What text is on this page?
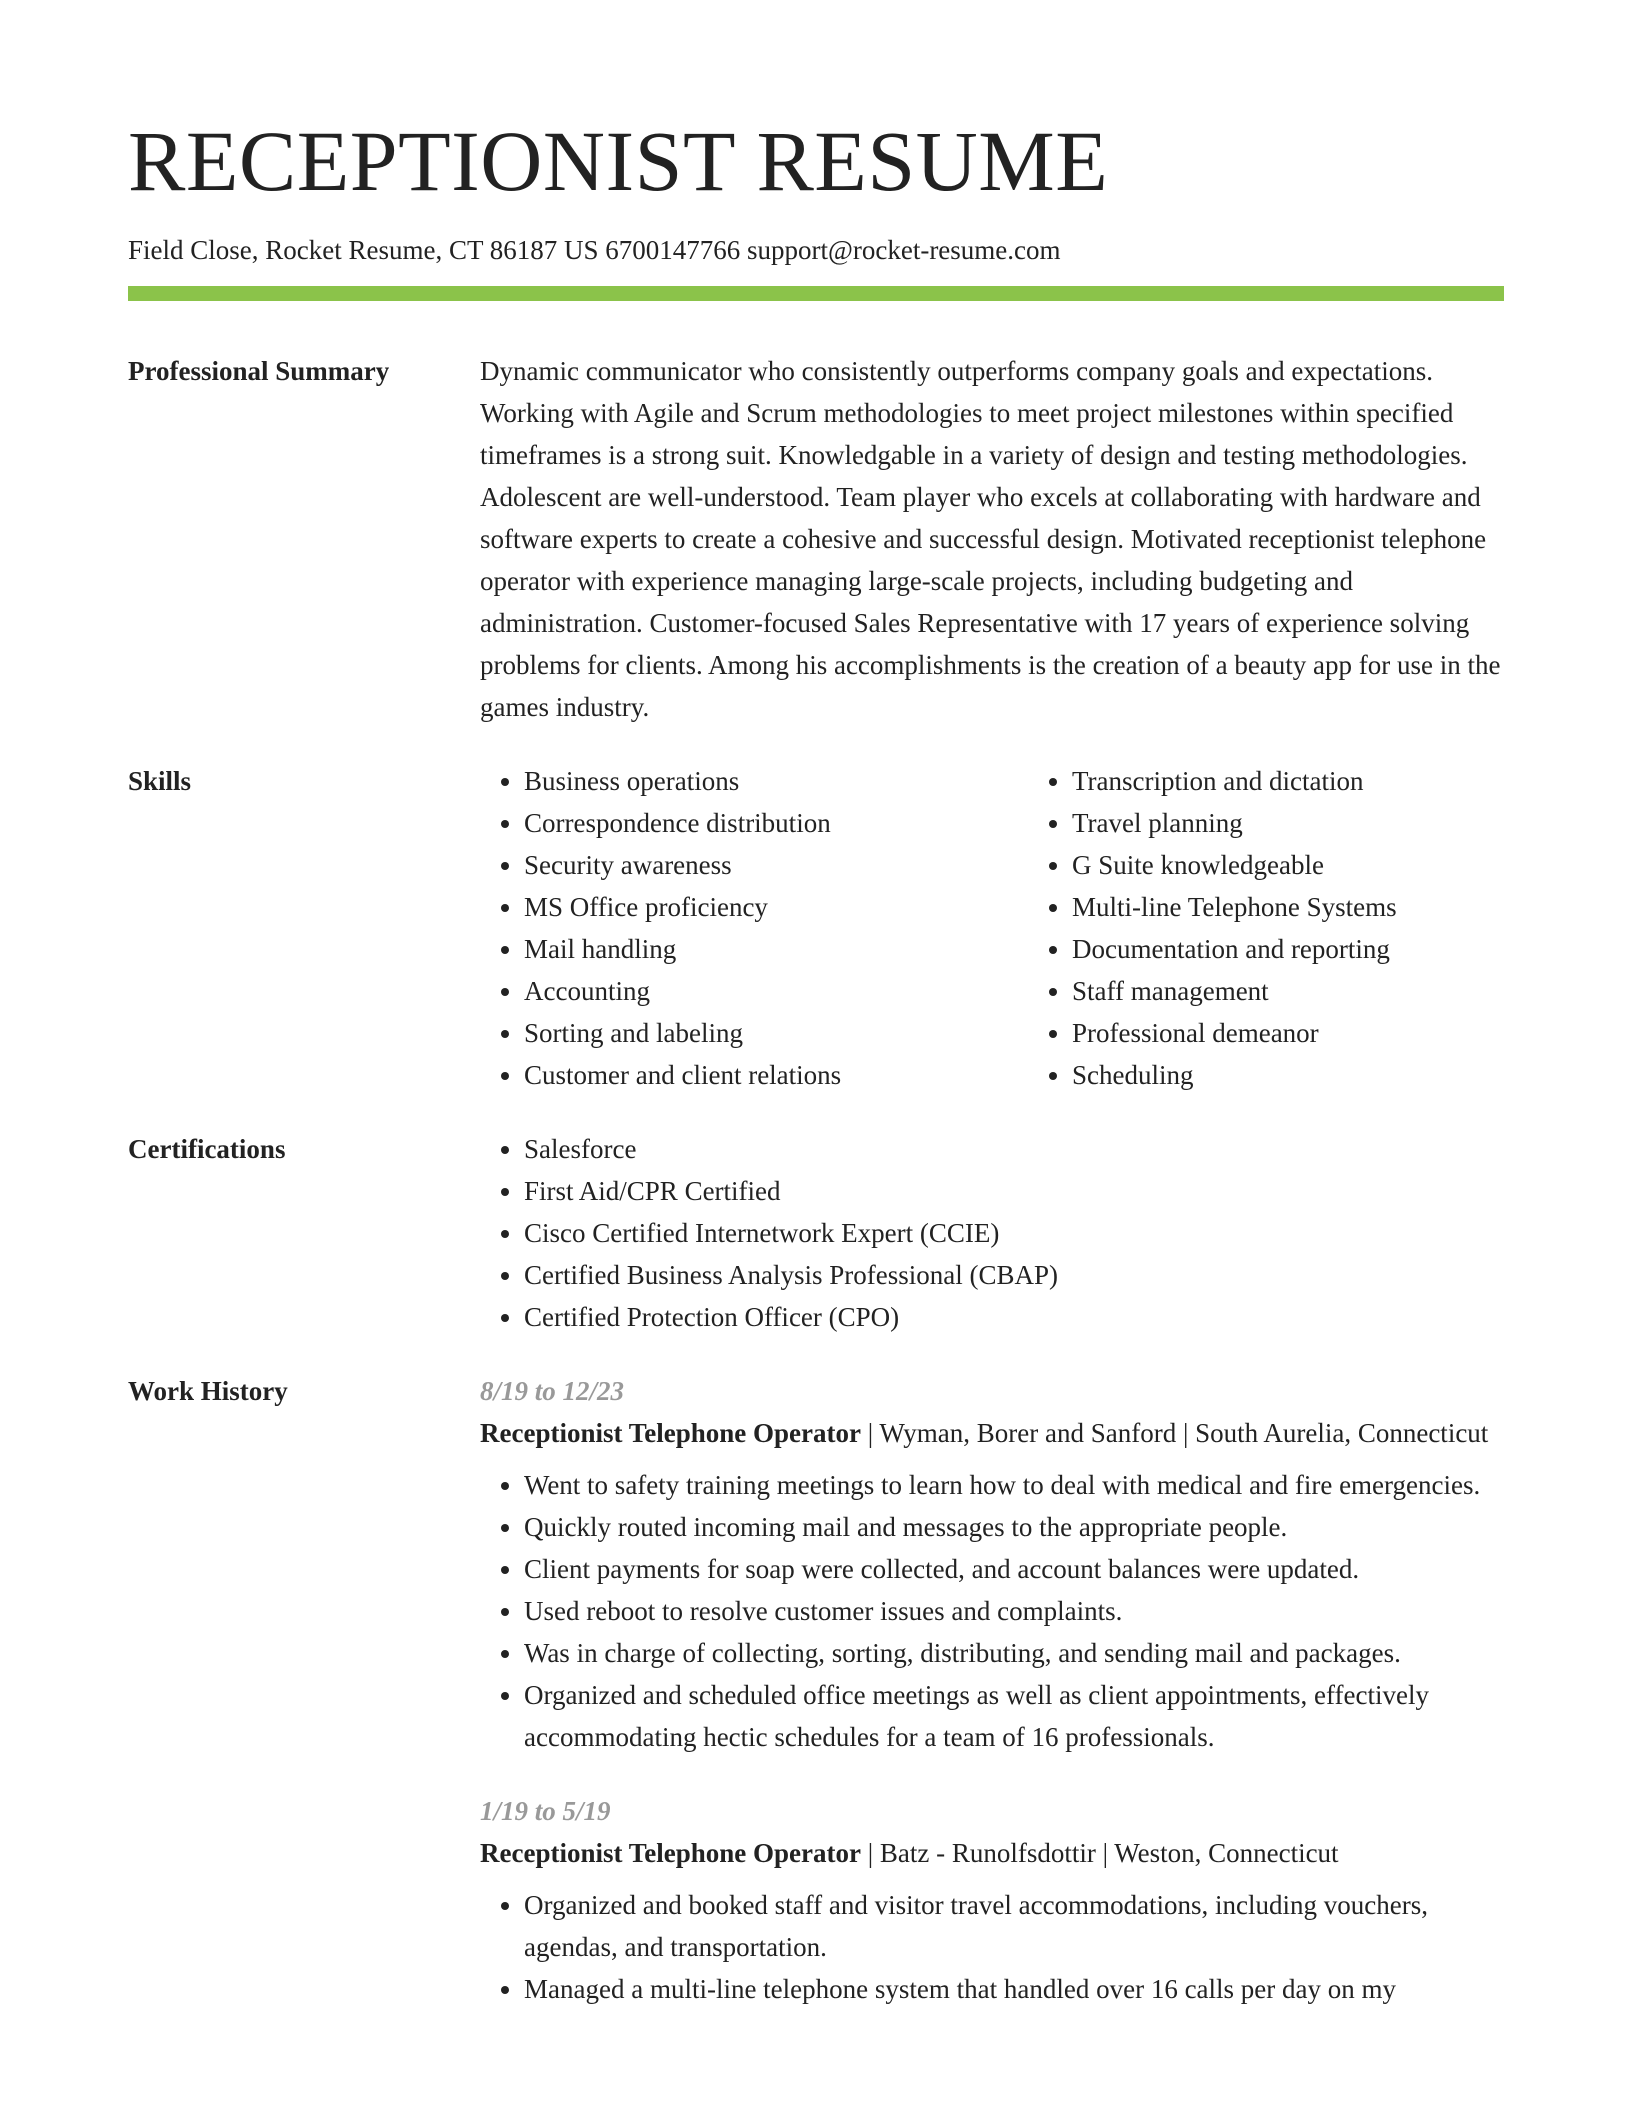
RECEPTIONIST RESUME
Field Close, Rocket Resume, CT 86187 US 6700147766 support@rocket-resume.com
Professional Summary	Dynamic communicator who consistently outperforms company goals and expectations. Working with Agile and Scrum methodologies to meet project milestones within specified timeframes is a strong suit. Knowledgable in a variety of design and testing methodologies. Adolescent are well-understood. Team player who excels at collaborating with hardware and software experts to create a cohesive and successful design. Motivated receptionist telephone operator with experience managing large-scale projects, including budgeting and administration. Customer-focused Sales Representative with 17 years of experience solving problems for clients. Among his accomplishments is the creation of a beauty app for use in the games industry.

Skills	• Business operations
• Correspondence distribution
• Security awareness
• MS Office proficiency
• Mail handling
• Accounting
• Sorting and labeling
• Customer and client relations
• Transcription and dictation
• Travel planning
• G Suite knowledgeable
• Multi-line Telephone Systems
• Documentation and reporting
• Staff management
• Professional demeanor
• Scheduling
Certifications	• Salesforce
• First Aid/CPR Certified
• Cisco Certified Internetwork Expert (CCIE)
• Certified Business Analysis Professional (CBAP)
• Certified Protection Officer (CPO)
Work History	8/19 to 12/23

Receptionist Telephone Operator | Wyman, Borer and Sanford | South Aurelia, Connecticut

• Went to safety training meetings to learn how to deal with medical and fire emergencies.
• Quickly routed incoming mail and messages to the appropriate people.
• Client payments for soap were collected, and account balances were updated.
• Used reboot to resolve customer issues and complaints.
• Was in charge of collecting, sorting, distributing, and sending mail and packages.
• Organized and scheduled office meetings as well as client appointments, effectively accommodating hectic schedules for a team of 16 professionals.

1/19 to 5/19

Receptionist Telephone Operator | Batz - Runolfsdottir | Weston, Connecticut

• Organized and booked staff and visitor travel accommodations, including vouchers, agendas, and transportation.
• Managed a multi-line telephone system that handled over 16 calls per day on my
